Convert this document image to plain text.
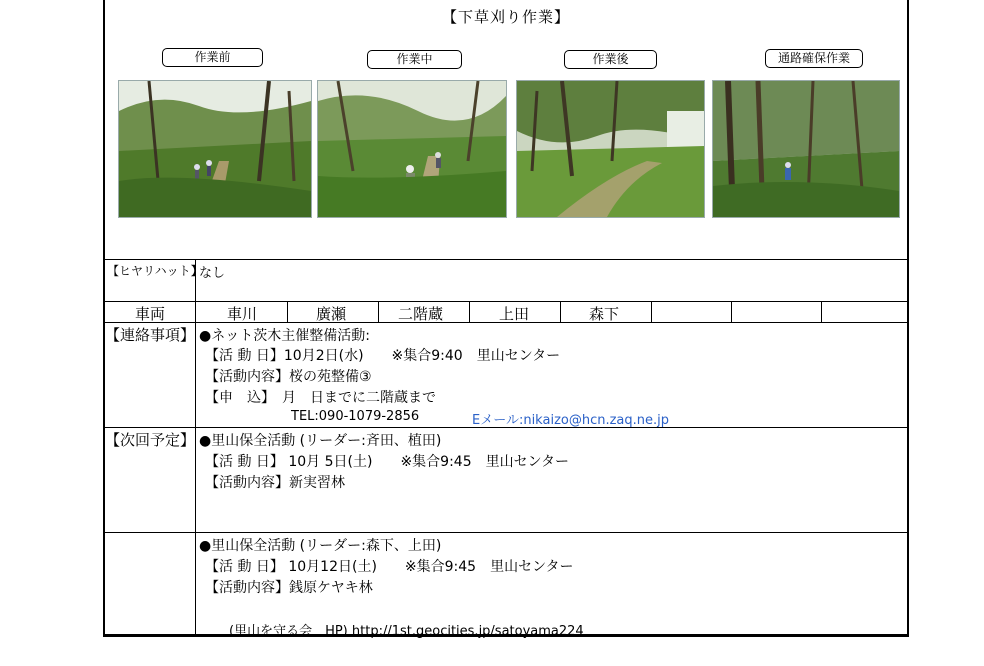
【下草刈り作業】
作業前	作業中	作業後	通路確保作業
【ヒヤリハット】
なし
車両	車川	廣瀬	二階蔵	上田	森下
【連絡事項】 ●ネット茨木主催整備活動:
【活 動 日】10月2日(水)　　※集合9:40　里山センター
【活動内容】桜の苑整備③
【申　込】　月　日までに二階蔵まで
TEL:090-1079-2856	Eメール:nikaizo@hcn.zaq.ne.jp
【次回予定】 ●里山保全活動 (リーダー:斉田、植田)
【活 動 日】 10月 5日(土)　　※集合9:45　里山センター
【活動内容】新実習林
●里山保全活動 (リーダー:森下、上田)
【活 動 日】 10月12日(土)　　※集合9:45　里山センター
【活動内容】銭原ケヤキ林
(里山を守る会　HP) http://1st.geocities.jp/satoyama224
